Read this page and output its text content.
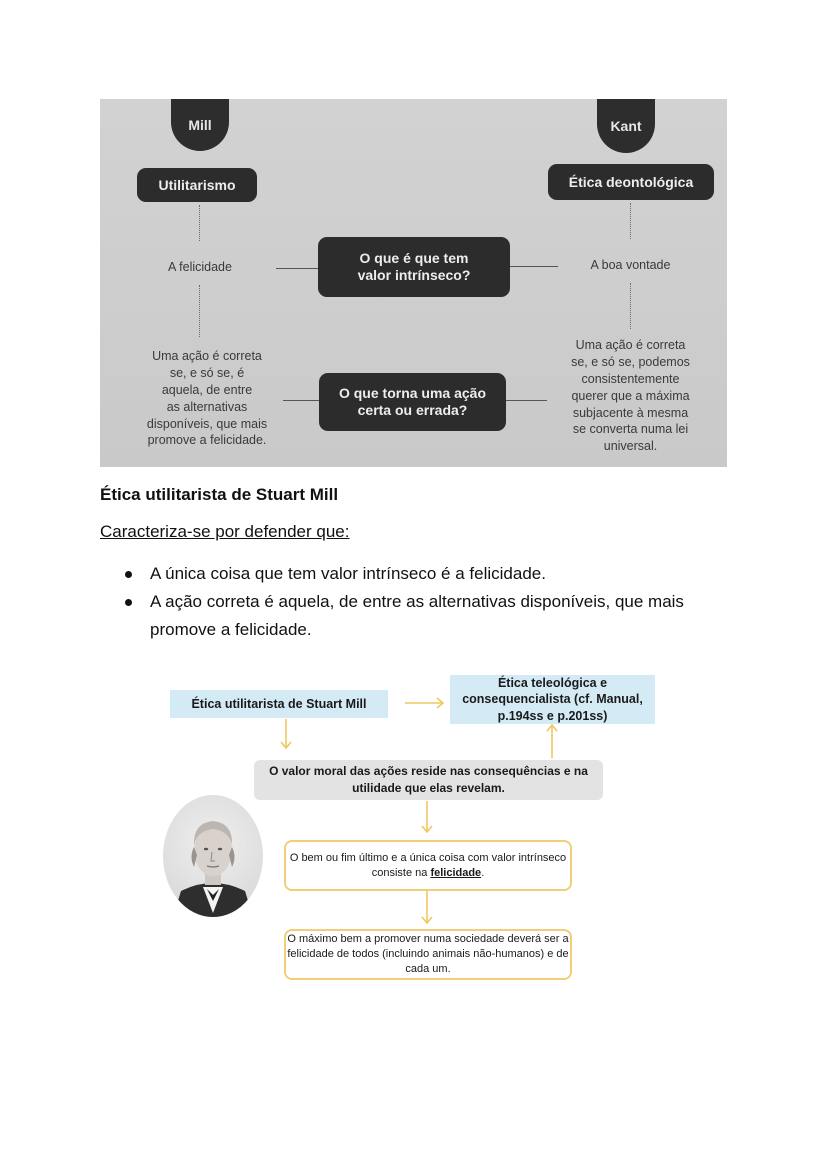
Mill	Kant
Utilitarismo	Ética deontológica
A felicidade	A boa vontade
O que é que tem
valor intrínseco?
O que torna uma ação
certa ou errada?
Uma ação é correta
se, e só se, é
aquela, de entre
as alternativas
disponíveis, que mais
promove a felicidade.
Uma ação é correta
se, e só se, podemos
consistentemente
querer que a máxima
subjacente à mesma
se converta numa lei
universal.
Ética utilitarista de Stuart Mill
Caracteriza-se por defender que:
A única coisa que tem valor intrínseco é a felicidade.
A ação correta é aquela, de entre as alternativas disponíveis, que mais promove a felicidade.
Ética utilitarista de Stuart Mill
Ética teleológica e consequencialista (cf. Manual, p.194ss e p.201ss)
O valor moral das ações reside nas consequências e na utilidade que elas revelam.
O bem ou fim último e a única coisa com valor intrínseco consiste na felicidade.
O máximo bem a promover numa sociedade deverá ser a felicidade de todos (incluindo animais não-humanos) e de cada um.
